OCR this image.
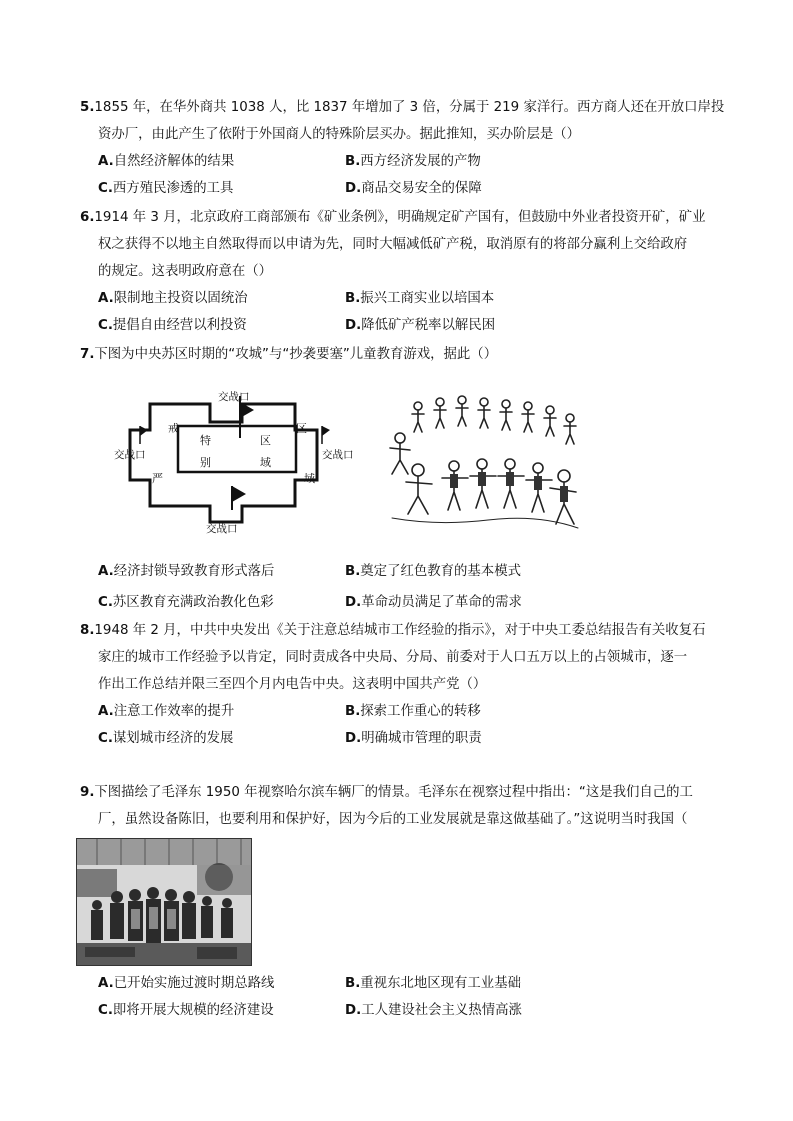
5.1855 年，在华外商共 1038 人，比 1837 年增加了 3 倍，分属于 219 家洋行。西方商人还在开放口岸投

资办厂，由此产生了依附于外国商人的特殊阶层买办。据此推知，买办阶层是（）

A.自然经济解体的结果	B.西方经济发展的产物
C.西方殖民渗透的工具	D.商品交易安全的保障

6.1914 年 3 月，北京政府工商部颁布《矿业条例》，明确规定矿产国有，但鼓励中外业者投资开矿，矿业

权之获得不以地主自然取得而以申请为先，同时大幅减低矿产税，取消原有的将部分赢利上交给政府

的规定。这表明政府意在（）

A.限制地主投资以固统治	B.振兴工商实业以培国本
C.提倡自由经营以利投资	D.降低矿产税率以解民困

7.下图为中央苏区时期的“攻城”与“抄袭要塞”儿童教育游戏，据此（）

交战口
交战口	交战口
交战口
特	区
别	域
戒	区
严	域
A.经济封锁导致教育形式落后	B.奠定了红色教育的基本模式
C.苏区教育充满政治教化色彩	D.革命动员满足了革命的需求

8.1948 年 2 月，中共中央发出《关于注意总结城市工作经验的指示》，对于中央工委总结报告有关收复石

家庄的城市工作经验予以肯定，同时责成各中央局、分局、前委对于人口五万以上的占领城市，逐一

作出工作总结并限三至四个月内电告中央。这表明中国共产党（）

A.注意工作效率的提升	B.探索工作重心的转移
C.谋划城市经济的发展	D.明确城市管理的职责

9.下图描绘了毛泽东 1950 年视察哈尔滨车辆厂的情景。毛泽东在视察过程中指出：“这是我们自己的工

厂，虽然设备陈旧，也要利用和保护好，因为今后的工业发展就是靠这做基础了。”这说明当时我国（

A.已开始实施过渡时期总路线	B.重视东北地区现有工业基础
C.即将开展大规模的经济建设	D.工人建设社会主义热情高涨
